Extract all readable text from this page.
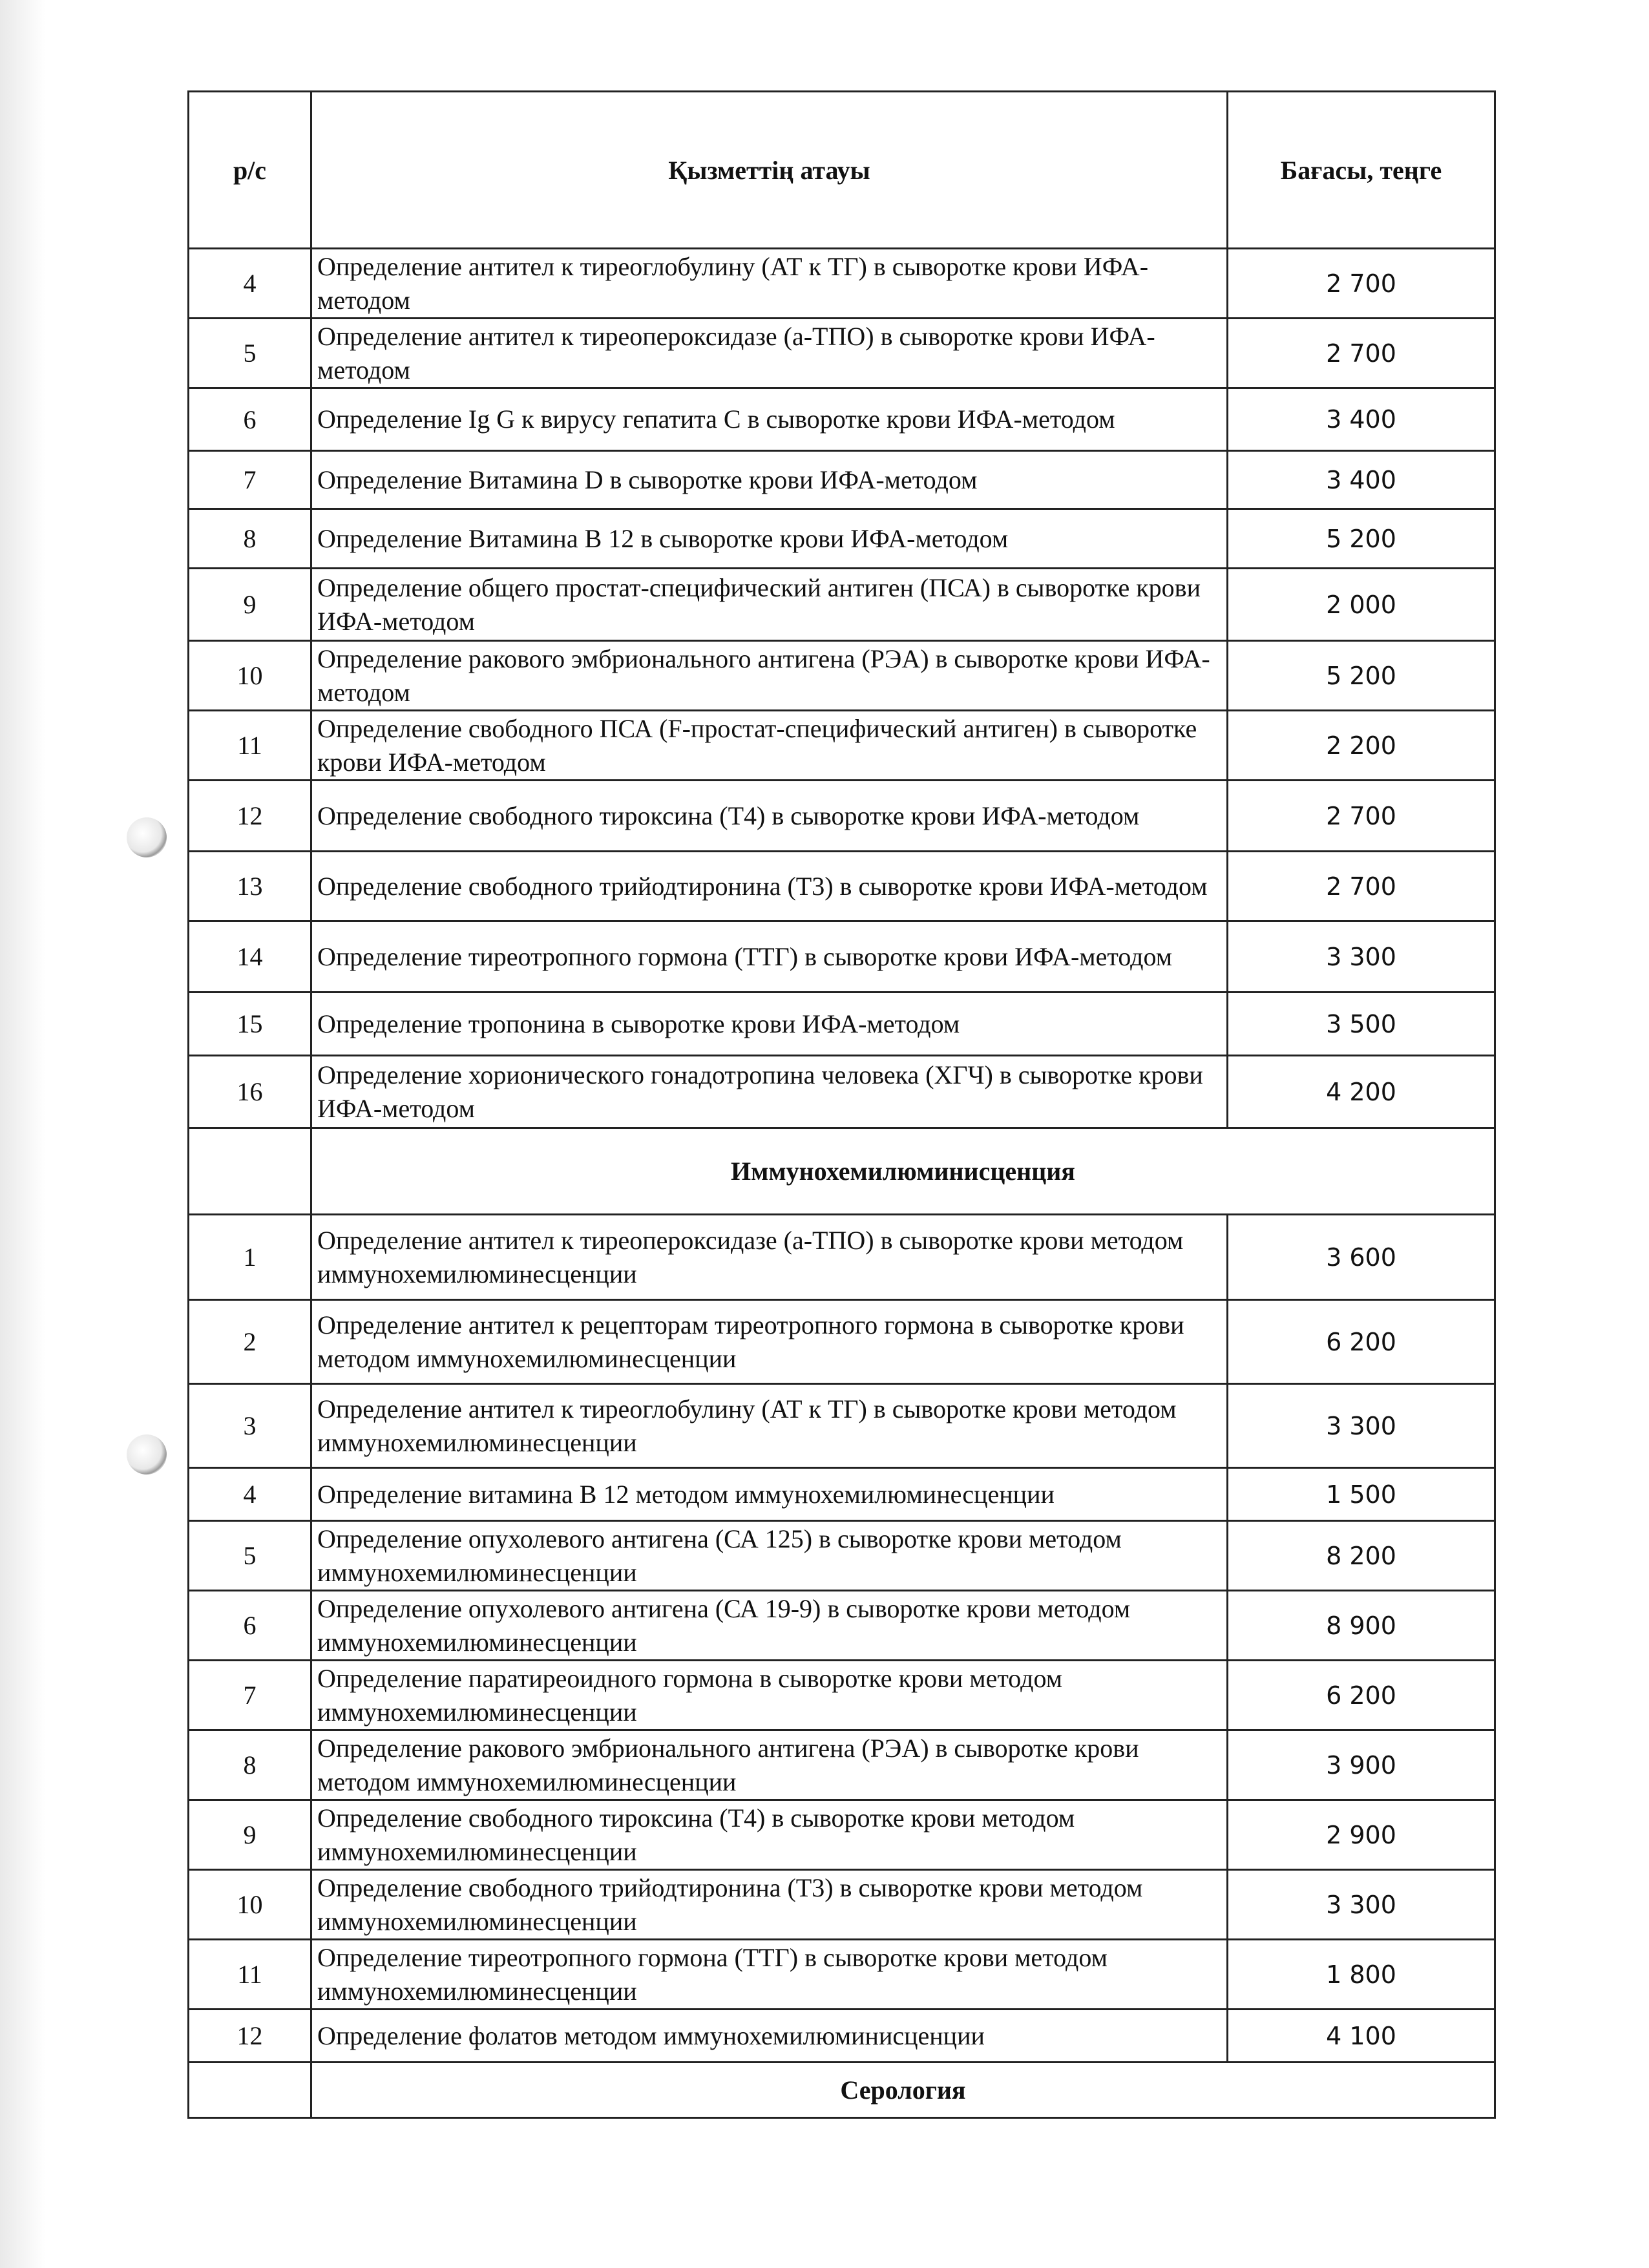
р/с	Қызметтің атауы	Бағасы, теңге
4	Определение антител к тиреоглобулину (АТ к ТГ) в сыворотке крови ИФА-методом	2 700
5	Определение антител к тиреопероксидазе (а-ТПО) в сыворотке крови ИФА-методом	2 700
6	Определение Ig G к вирусу гепатита С в сыворотке крови ИФА-методом	3 400
7	Определение Витамина D в сыворотке крови ИФА-методом	3 400
8	Определение Витамина В 12 в сыворотке крови ИФА-методом	5 200
9	Определение общего простат-специфический антиген (ПСА) в сыворотке крови ИФА-методом	2 000
10	Определение ракового эмбрионального антигена (РЭА) в сыворотке крови ИФА-методом	5 200
11	Определение свободного ПСА (F-простат-специфический антиген) в сыворотке крови ИФА-методом	2 200
12	Определение свободного тироксина (Т4) в сыворотке крови ИФА-методом	2 700
13	Определение свободного трийодтиронина (Т3) в сыворотке крови ИФА-методом	2 700
14	Определение тиреотропного гормона (ТТГ) в сыворотке крови ИФА-методом	3 300
15	Определение тропонина в сыворотке крови ИФА-методом	3 500
16	Определение хорионического гонадотропина человека (ХГЧ) в сыворотке крови ИФА-методом	4 200
	Иммунохемилюминисценция	
1	Определение антител к тиреопероксидазе (а-ТПО) в сыворотке крови методом иммунохемилюминесценции	3 600
2	Определение антител к рецепторам тиреотропного гормона в сыворотке крови методом иммунохемилюминесценции	6 200
3	Определение антител к тиреоглобулину (АТ к ТГ) в сыворотке крови методом иммунохемилюминесценции	3 300
4	Определение витамина В 12 методом иммунохемилюминесценции	1 500
5	Определение опухолевого антигена (СА 125) в сыворотке крови методом иммунохемилюминесценции	8 200
6	Определение опухолевого антигена (СА 19-9) в сыворотке крови методом иммунохемилюминесценции	8 900
7	Определение паратиреоидного гормона в сыворотке крови методом иммунохемилюминесценции	6 200
8	Определение ракового эмбрионального антигена (РЭА) в сыворотке крови методом иммунохемилюминесценции	3 900
9	Определение свободного тироксина (Т4) в сыворотке крови методом иммунохемилюминесценции	2 900
10	Определение свободного трийодтиронина (Т3) в сыворотке крови методом иммунохемилюминесценции	3 300
11	Определение тиреотропного гормона (ТТГ) в сыворотке крови методом иммунохемилюминесценции	1 800
12	Определение фолатов методом иммунохемилюминисценции	4 100
	Серология	
